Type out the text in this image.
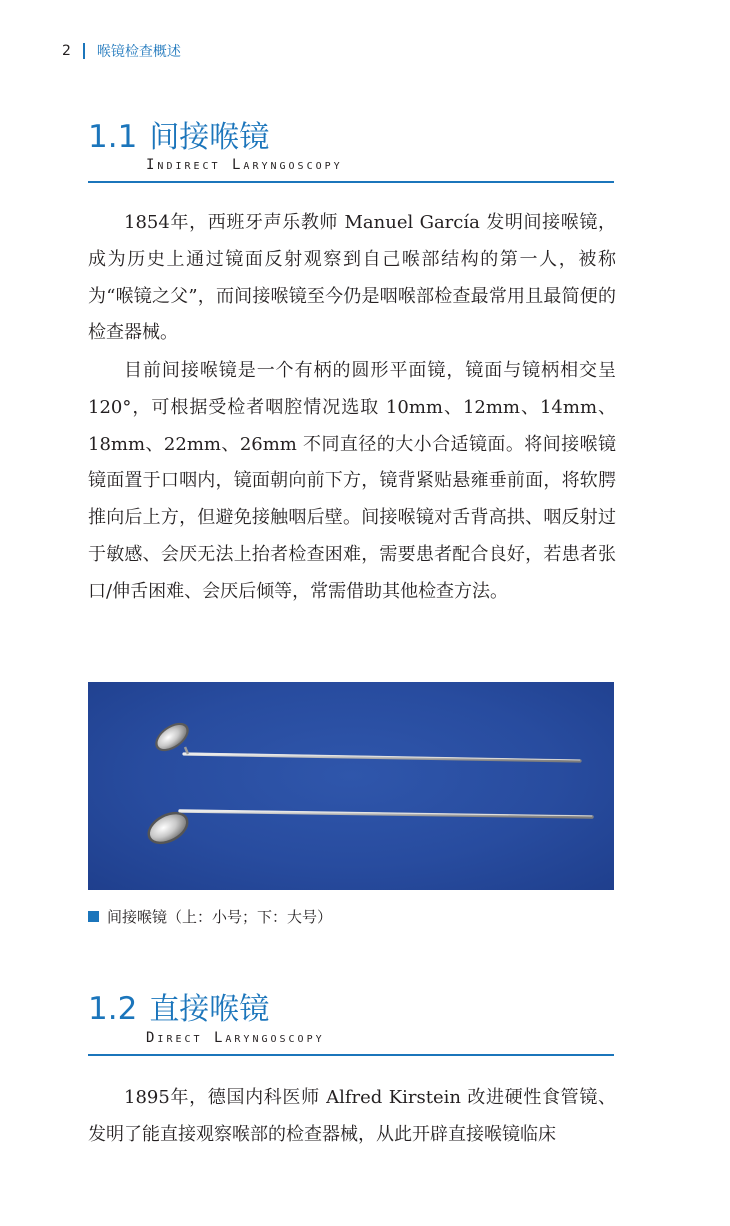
2 喉镜检查概述
1.1 间接喉镜
Indirect Laryngoscopy

1854年，西班牙声乐教师 Manuel García 发明间接喉镜，成为历史上通过镜面反射观察到自己喉部结构的第一人，被称为“喉镜之父”，而间接喉镜至今仍是咽喉部检查最常用且最简便的检查器械。

目前间接喉镜是一个有柄的圆形平面镜，镜面与镜柄相交呈 120°，可根据受检者咽腔情况选取 10mm、12mm、14mm、18mm、22mm、26mm 不同直径的大小合适镜面。将间接喉镜镜面置于口咽内，镜面朝向前下方，镜背紧贴悬雍垂前面，将软腭推向后上方，但避免接触咽后壁。间接喉镜对舌背高拱、咽反射过于敏感、会厌无法上抬者检查困难，需要患者配合良好，若患者张口/伸舌困难、会厌后倾等，常需借助其他检查方法。

间接喉镜（上：小号；下：大号）
1.2 直接喉镜
Direct Laryngoscopy

1895年，德国内科医师 Alfred Kirstein 改进硬性食管镜、发明了能直接观察喉部的检查器械，从此开辟直接喉镜临床
